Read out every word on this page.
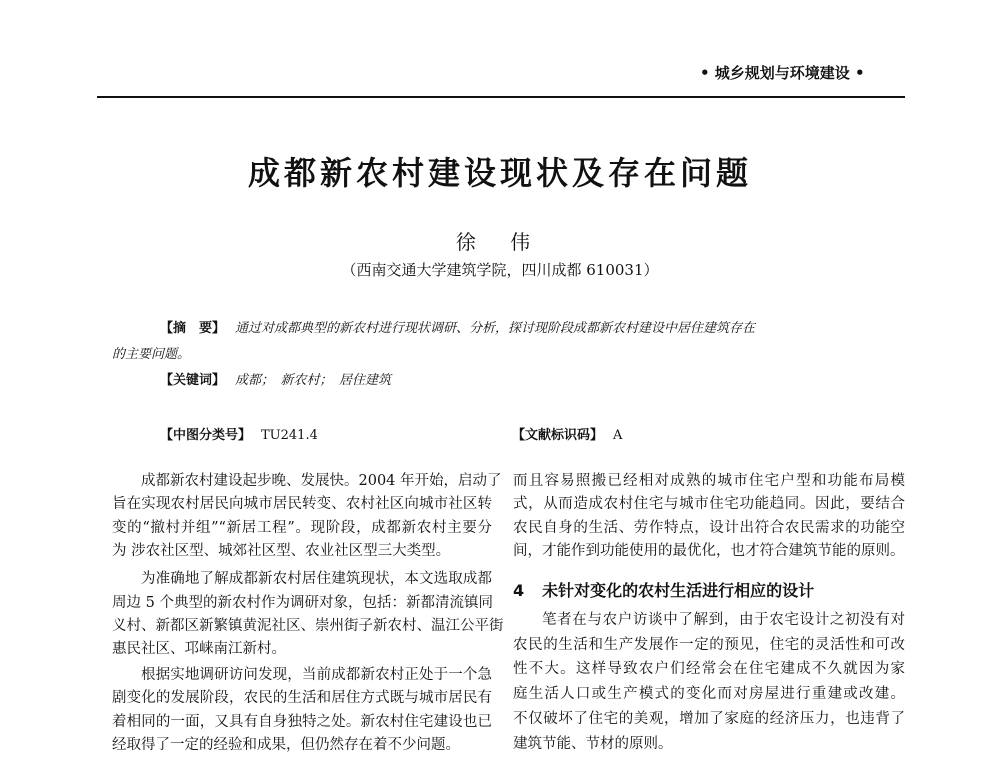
• 城乡规划与环境建设 •
成都新农村建设现状及存在问题
徐 伟
（西南交通大学建筑学院，四川成都 610031）
【摘　要】 通过对成都典型的新农村进行现状调研、分析，探讨现阶段成都新农村建设中居住建筑存在
的主要问题。
【关键词】 成都；　新农村；　居住建筑
【中图分类号】 TU241.4	【文献标识码】 A
成都新农村建设起步晚、发展快。2004 年开始，启动了
旨在实现农村居民向城市居民转变、农村社区向城市社区转
变的“撤村并组”“新居工程”。现阶段，成都新农村主要分
为 涉农社区型、城郊社区型、农业社区型三大类型。
为准确地了解成都新农村居住建筑现状，本文选取成都
周边 5 个典型的新农村作为调研对象，包括：新都清流镇同
义村、新都区新繁镇黄泥社区、崇州街子新农村、温江公平街
惠民社区、邛崃南江新村。
根据实地调研访问发现，当前成都新农村正处于一个急
剧变化的发展阶段，农民的生活和居住方式既与城市居民有
着相同的一面，又具有自身独特之处。新农村住宅建设也已
经取得了一定的经验和成果，但仍然存在着不少问题。
而且容易照搬已经相对成熟的城市住宅户型和功能布局模
式，从而造成农村住宅与城市住宅功能趋同。因此，要结合
农民自身的生活、劳作特点，设计出符合农民需求的功能空
间，才能作到功能使用的最优化，也才符合建筑节能的原则。
笔者在与农户访谈中了解到，由于农宅设计之初没有对
农民的生活和生产发展作一定的预见，住宅的灵活性和可改
性不大。这样导致农户们经常会在住宅建成不久就因为家
庭生活人口或生产模式的变化而对房屋进行重建或改建。
不仅破坏了住宅的美观，增加了家庭的经济压力，也违背了
建筑节能、节材的原则。
4 未针对变化的农村生活进行相应的设计
